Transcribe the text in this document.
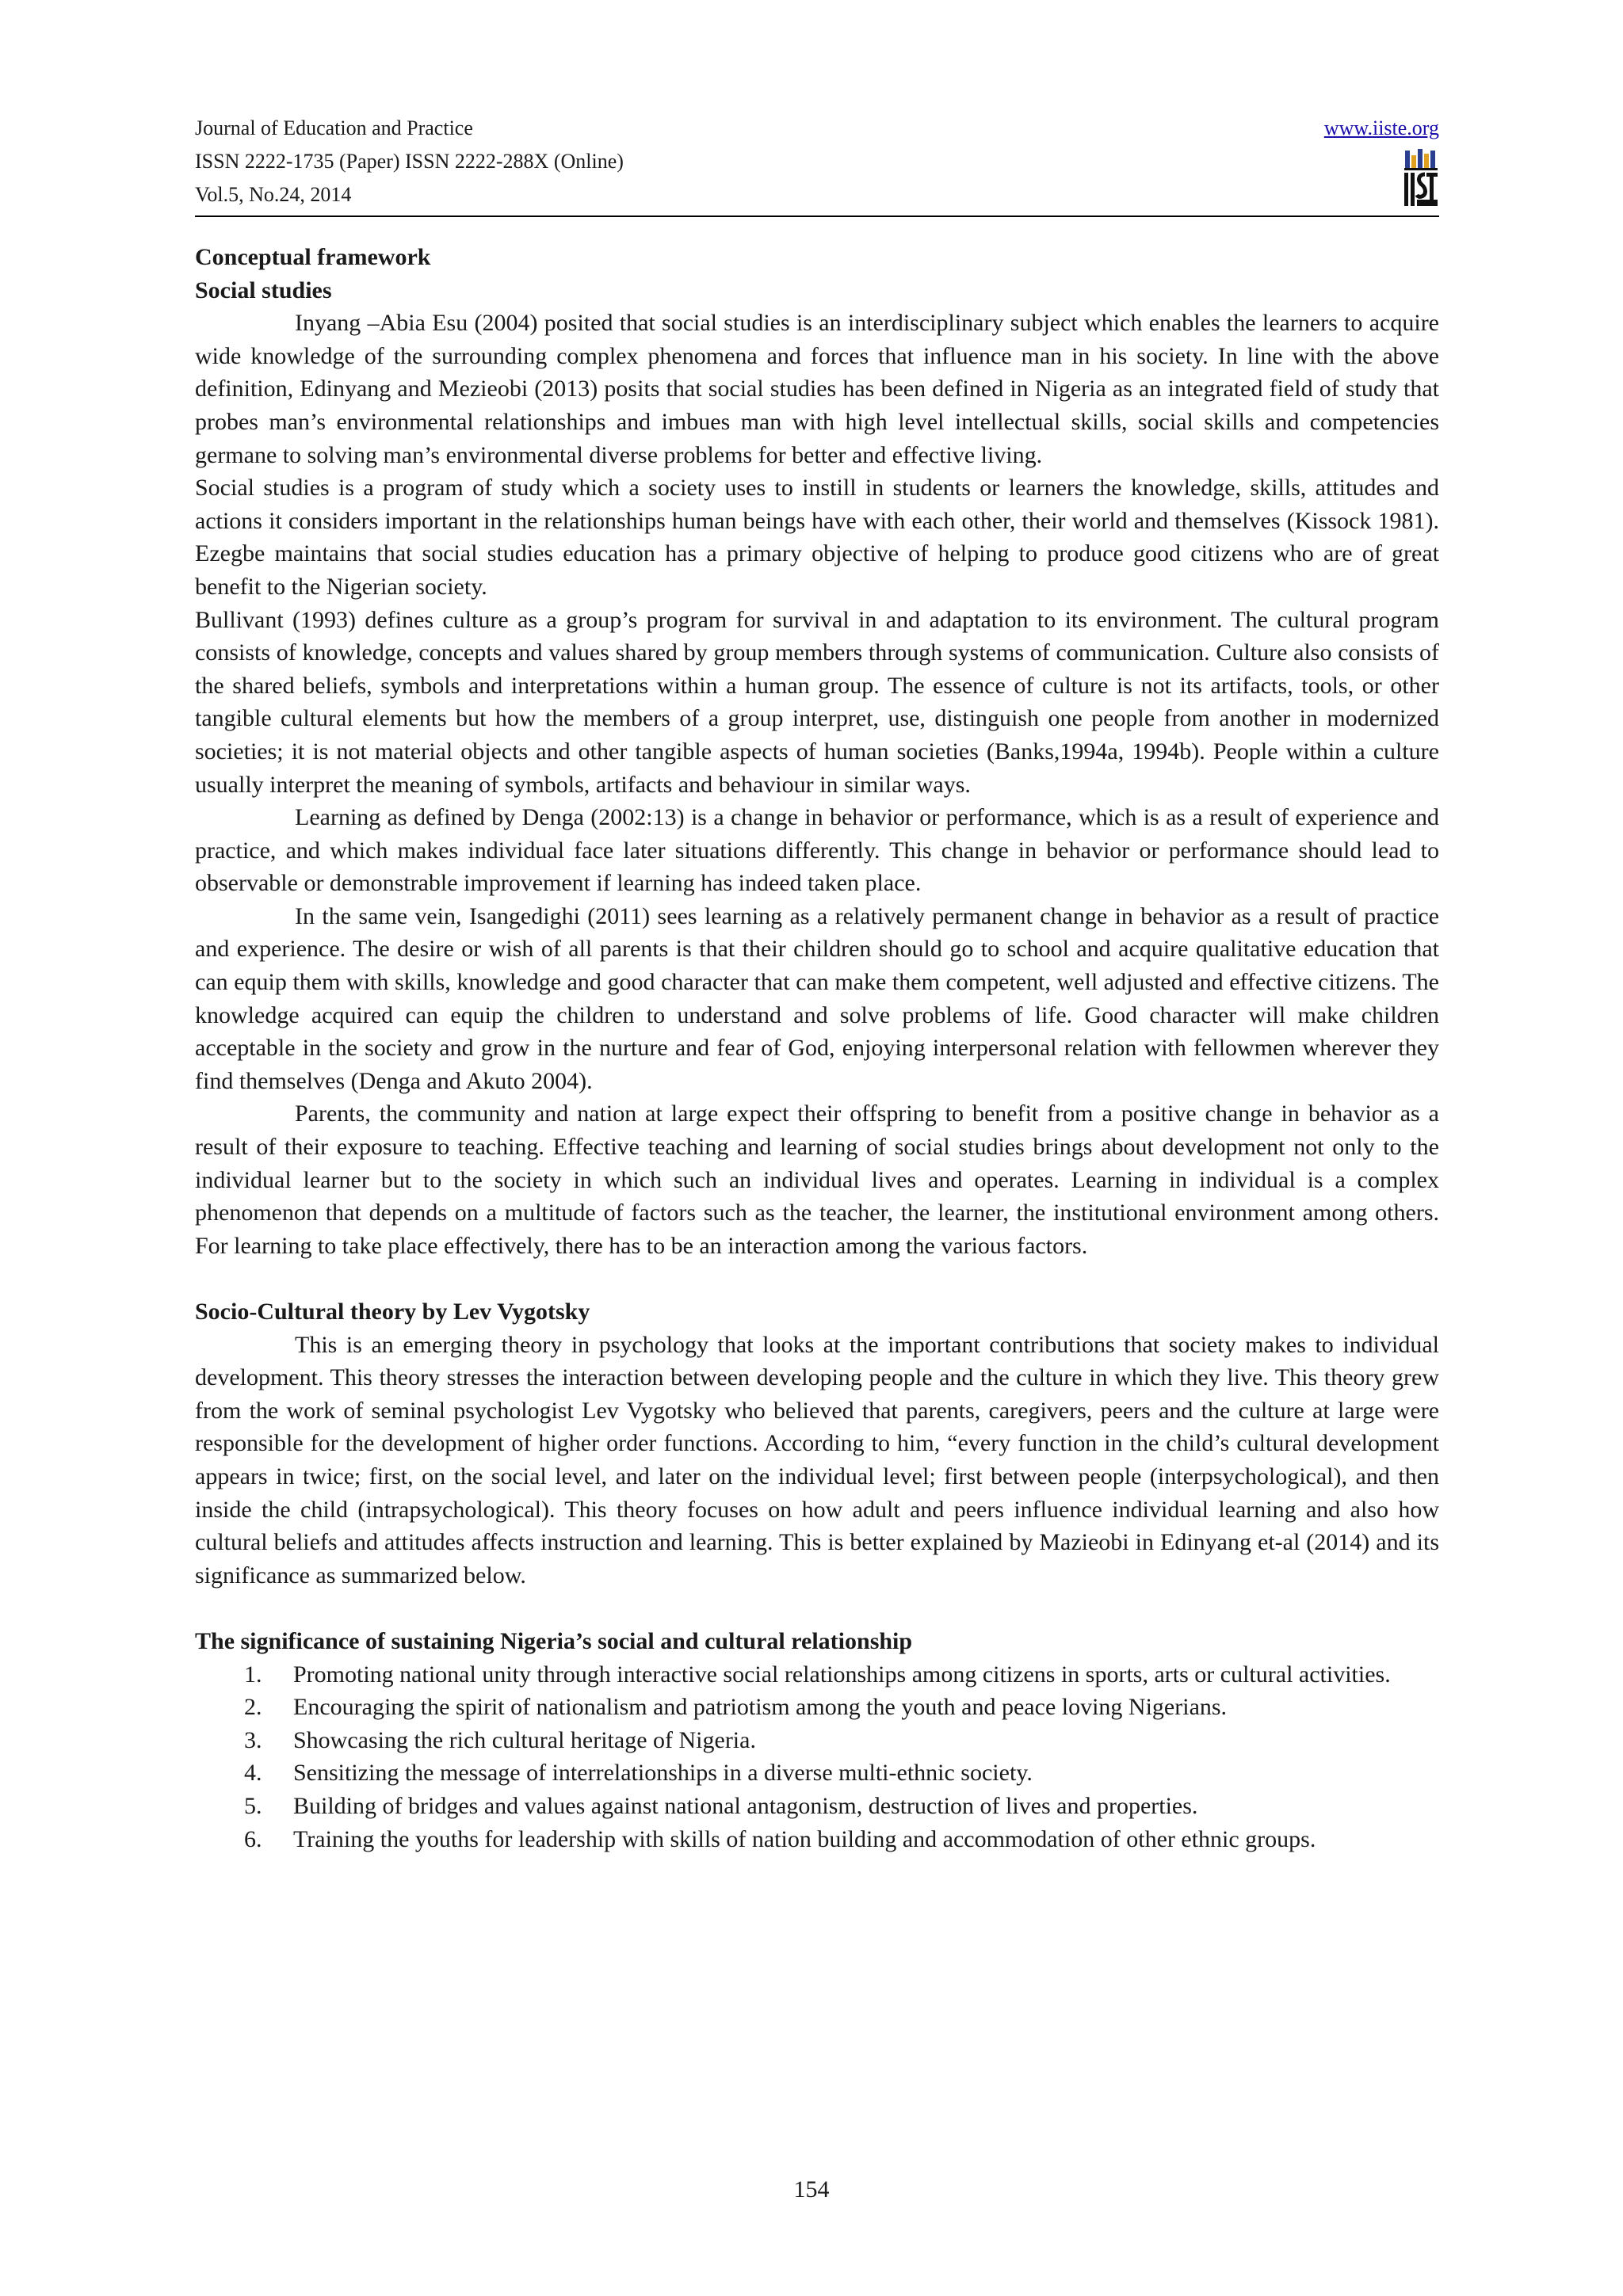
Journal of Education and Practice
ISSN 2222-1735 (Paper) ISSN 2222-288X (Online)
Vol.5, No.24, 2014
www.iiste.org
Conceptual framework
Social studies

Inyang –Abia Esu (2004) posited that social studies is an interdisciplinary subject which enables the learners to acquire wide knowledge of the surrounding complex phenomena and forces that influence man in his society. In line with the above definition, Edinyang and Mezieobi (2013) posits that social studies has been defined in Nigeria as an integrated field of study that probes man’s environmental relationships and imbues man with high level intellectual skills, social skills and competencies germane to solving man’s environmental diverse problems for better and effective living.

Social studies is a program of study which a society uses to instill in students or learners the knowledge, skills, attitudes and actions it considers important in the relationships human beings have with each other, their world and themselves (Kissock 1981). Ezegbe maintains that social studies education has a primary objective of helping to produce good citizens who are of great benefit to the Nigerian society.

Bullivant (1993) defines culture as a group’s program for survival in and adaptation to its environment. The cultural program consists of knowledge, concepts and values shared by group members through systems of communication. Culture also consists of the shared beliefs, symbols and interpretations within a human group. The essence of culture is not its artifacts, tools, or other tangible cultural elements but how the members of a group interpret, use, distinguish one people from another in modernized societies; it is not material objects and other tangible aspects of human societies (Banks,1994a, 1994b). People within a culture usually interpret the meaning of symbols, artifacts and behaviour in similar ways.

Learning as defined by Denga (2002:13) is a change in behavior or performance, which is as a result of experience and practice, and which makes individual face later situations differently. This change in behavior or performance should lead to observable or demonstrable improvement if learning has indeed taken place.

In the same vein, Isangedighi (2011) sees learning as a relatively permanent change in behavior as a result of practice and experience. The desire or wish of all parents is that their children should go to school and acquire qualitative education that can equip them with skills, knowledge and good character that can make them competent, well adjusted and effective citizens. The knowledge acquired can equip the children to understand and solve problems of life. Good character will make children acceptable in the society and grow in the nurture and fear of God, enjoying interpersonal relation with fellowmen wherever they find themselves (Denga and Akuto 2004).

Parents, the community and nation at large expect their offspring to benefit from a positive change in behavior as a result of their exposure to teaching. Effective teaching and learning of social studies brings about development not only to the individual learner but to the society in which such an individual lives and operates. Learning in individual is a complex phenomenon that depends on a multitude of factors such as the teacher, the learner, the institutional environment among others. For learning to take place effectively, there has to be an interaction among the various factors.

Socio-Cultural theory by Lev Vygotsky

This is an emerging theory in psychology that looks at the important contributions that society makes to individual development. This theory stresses the interaction between developing people and the culture in which they live. This theory grew from the work of seminal psychologist Lev Vygotsky who believed that parents, caregivers, peers and the culture at large were responsible for the development of higher order functions. According to him, “every function in the child’s cultural development appears in twice; first, on the social level, and later on the individual level; first between people (interpsychological), and then inside the child (intrapsychological). This theory focuses on how adult and peers influence individual learning and also how cultural beliefs and attitudes affects instruction and learning. This is better explained by Mazieobi in Edinyang et-al (2014) and its significance as summarized below.

The significance of sustaining Nigeria’s social and cultural relationship
1. Promoting national unity through interactive social relationships among citizens in sports, arts or cultural activities.
2. Encouraging the spirit of nationalism and patriotism among the youth and peace loving Nigerians.
3. Showcasing the rich cultural heritage of Nigeria.
4. Sensitizing the message of interrelationships in a diverse multi-ethnic society.
5. Building of bridges and values against national antagonism, destruction of lives and properties.
6. Training the youths for leadership with skills of nation building and accommodation of other ethnic groups.
154
